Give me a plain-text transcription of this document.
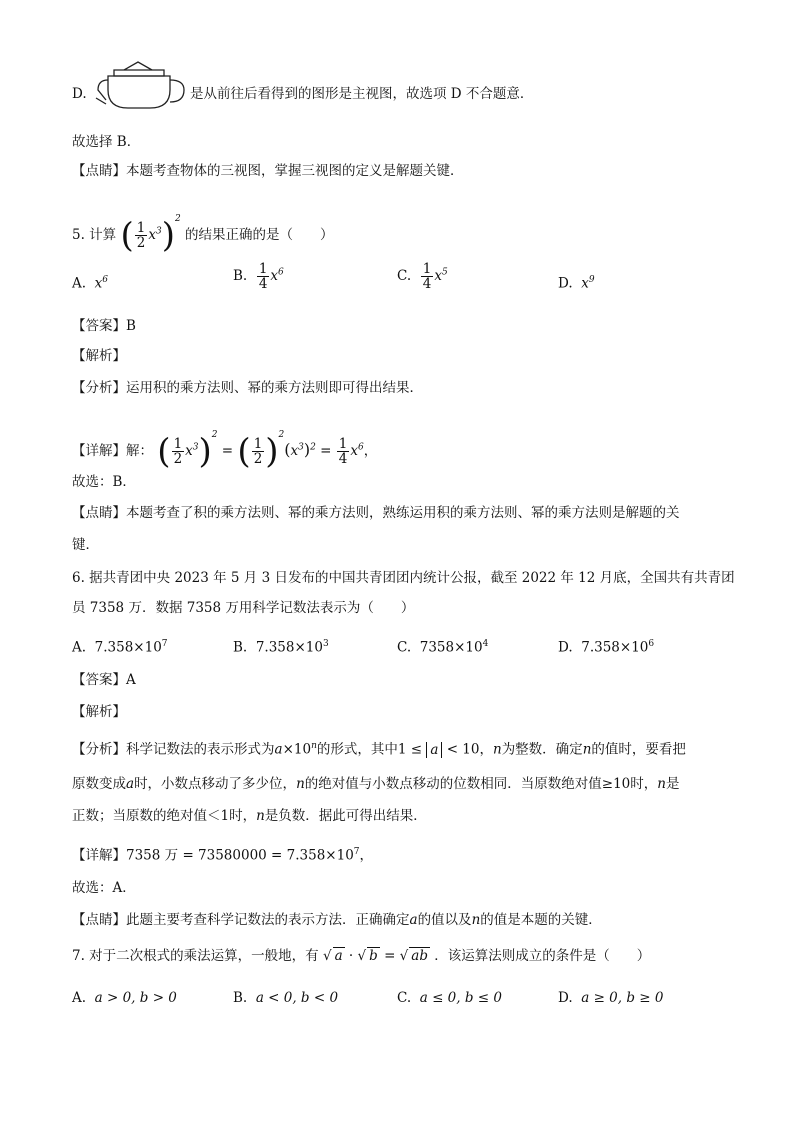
D.	是从前往后看得到的图形是主视图，故选项 D 不合题意．
故选择 B．
【点睛】本题考查物体的三视图，掌握三视图的定义是解题关键．
5. 计算 ( $\frac{1}{2} x^3)^2$ 的结果正确的是（　　）
A. $x^6$	B. $\frac{1}{4} x^6$	C. $\frac{1}{4} x^5$
D. $x^9$
【答案】B
【解析】
【分析】运用积的乘方法则、幂的乘方法则即可得出结果．
【详解】解： ( $\frac{1}{2} x^3)^2$ = ( $\frac{1}{2} )^2(x^3)^2 = \frac{1}{4} x^6$，
故选：B．
【点睛】本题考查了积的乘方法则、幂的乘方法则，熟练运用积的乘方法则、幂的乘方法则是解题的关
键．
6. 据共青团中央 2023 年 5 月 3 日发布的中国共青团团内统计公报，截至 2022 年 12 月底，全国共有共青团
员 7358 万．数据 7358 万用科学记数法表示为（　　）
A. $7.358\times 10^7$	B. $7.358\times 10^3$	C. $7358\times 10^4$	D. $7.358\times 10^6$
【答案】A
【解析】
【分析】科学记数法的表示形式为$a\times 10^n$的形式，其中1 ≤ a < 10，n为整数．确定n的值时，要看把
原数变成a时，小数点移动了多少位，n的绝对值与小数点移动的位数相同．当原数绝对值≥10时，n是
正数；当原数的绝对值＜1时，n是负数．据此可得出结果．
【详解】7358 万 = $73580000 = 7.358\times 10^7$，
故选：A．
【点睛】此题主要考查科学记数法的表示方法．正确确定a的值以及n的值是本题的关键．
7. 对于二次根式的乘法运算，一般地，有 √ a · √ b = √ ab ．该运算法则成立的条件是（　　）
A. a > 0, b > 0	B. a < 0, b < 0	C. a ≤ 0, b ≤ 0	D. a ≥ 0, b ≥ 0
